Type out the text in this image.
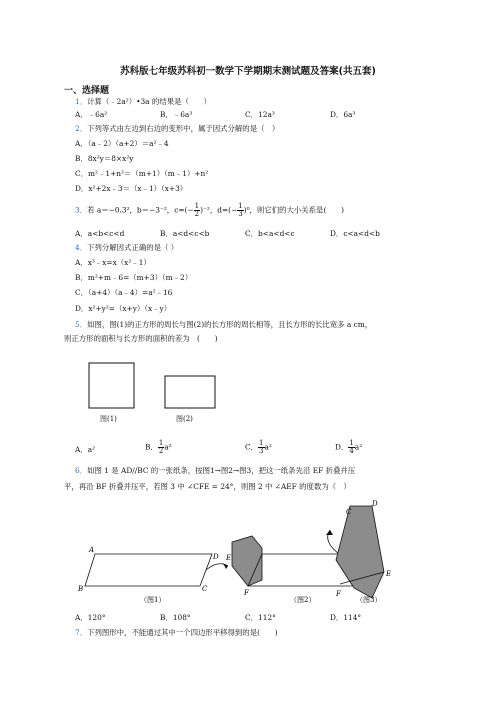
苏科版七年级苏科初一数学下学期期末测试题及答案(共五套)
一、选择题
1．计算（﹣2a²）•3a 的结果是（　　）
A．﹣6a²	B．﹣6a³	C．12a³	D．6a³
2．下列等式由左边到右边的变形中，属于因式分解的是（　）
A．（a﹣2）（a+2）＝a²﹣4
B．8x²y＝8×x²y
C．m²﹣1+n²＝（m+1）（m﹣1）+n²
D．x²+2x﹣3＝（x﹣1）（x+3）
3．若 a＝−0.3²，b＝−3⁻²，$c=(- \frac{1}{2} )^{-2}$，$d=(- \frac{1}{3} )^0$，则它们的大小关系是(　　)
A．a<b<c<d	B．a<d<c<b	C．b<a<d<c	D．c<a<d<b
4．下列分解因式正确的是（ ）
A．x³﹣x=x（x²﹣1）
B．m²+m﹣6=（m+3）（m﹣2）
C．（a+4）（a﹣4）=a²﹣16
D．x²+y²=（x+y）（x﹣y）
5．如图，图(1)的正方形的周长与图(2)的长方形的周长相等，且长方形的长比宽多 a cm，
则正方形的面积与长方形的面积的差为　(　　)
图(1)	图(2)
A．a²	B． $\frac{1}{2} a^2$	C． $\frac{1}{3} a^2$	D． $\frac{1}{4} a^2$
6．如图 1 是 AD//BC 的一张纸条，按图1→图2→图3，把这一纸条先沿 EF 折叠并压
平，再沿 BF 折叠并压平，若图 3 中 ∠CFE = 24°，则图 2 中 ∠AEF 的度数为（　）
A
D
B	C
（图1）
E
F
（图2）
C
D
E
F
（图3）
A．120°	B．108°	C．112°	D．114°
7．下列图形中，不能通过其中一个四边形平移得到的是(　　)
